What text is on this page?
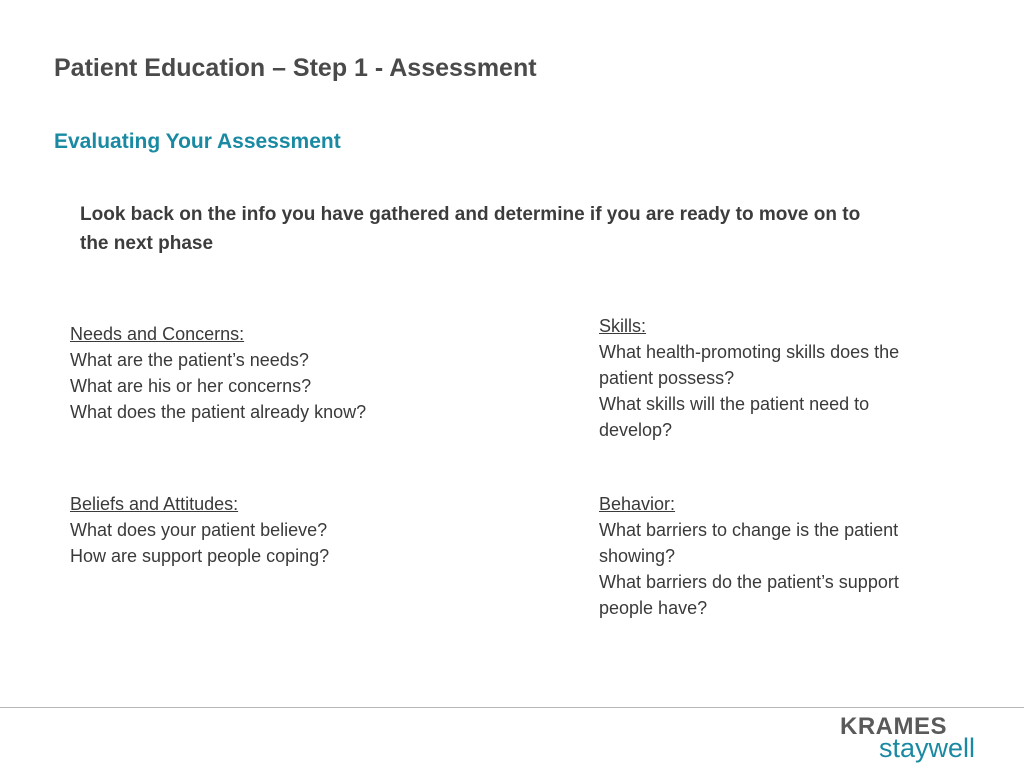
Patient Education – Step 1 - Assessment
Evaluating Your Assessment
Look back on the info you have gathered and determine if you are ready to move on to the next phase
Needs and Concerns:
What are the patient’s needs?
What are his or her concerns?
What does the patient already know?
Skills:
What health-promoting skills does the patient possess?
What skills will the patient need to develop?
Beliefs and Attitudes:
What does your patient believe?
How are support people coping?
Behavior:
What barriers to change is the patient showing?
What barriers do the patient’s support people have?
KRAMES
staywell
